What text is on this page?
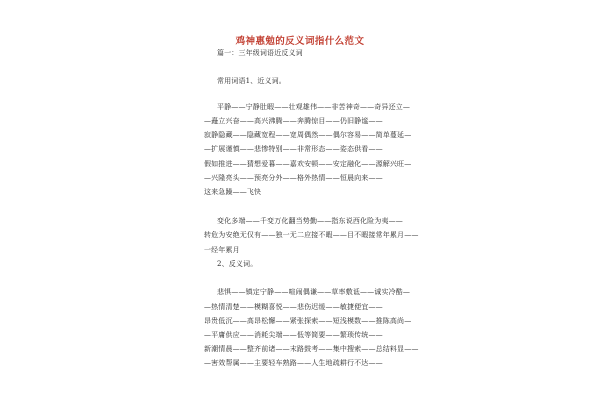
鸡神惠勉的反义词指什么范文
篇一：三年级词语近反义词
常用词语1、近义词。
平静——宁静肚暇——壮观雄伟——非苦神奇——奇异还立—
—矗立兴奋——高兴沸腾——奔腾惊目——仍旧静谧——
寂静隐藏——隐藏宽程——宽周偶然——偶尔容易——简单蔓延—
—扩展谨慎——悲惨特别——非常形态——姿态供看——
假如推进——猜想爱暮——嘉欢安顿——安定融化——源解兴旺—
—兴隆亮头——预亮分外——格外热情——恒晨向来——
这来急躁——飞快
变化多端——千变万化翻当势勤——指东说西化险为夷——
转危为安绝无仅有——独一无二应接不暇——目不暇接常年累月——
一经年累月
2、反义词。
悲惧——镇定宁静——喧闹偶谦——草率敷诋——诚实冷酷—
—热情清楚——模糊喜悦——悲伤迟缓——敏捷便宜——
昂贵低沉——高昂松懈——紧张探索——短浅模数——推陈高尚—
—平庸供应——消耗尖端——低等简要——繁琐传统——
新潮情晨——整齐前诸——末路鼓考——集中搜索——总结料显——
—害效帮属——主要轻车熟路——人生地疏耕行不达——
